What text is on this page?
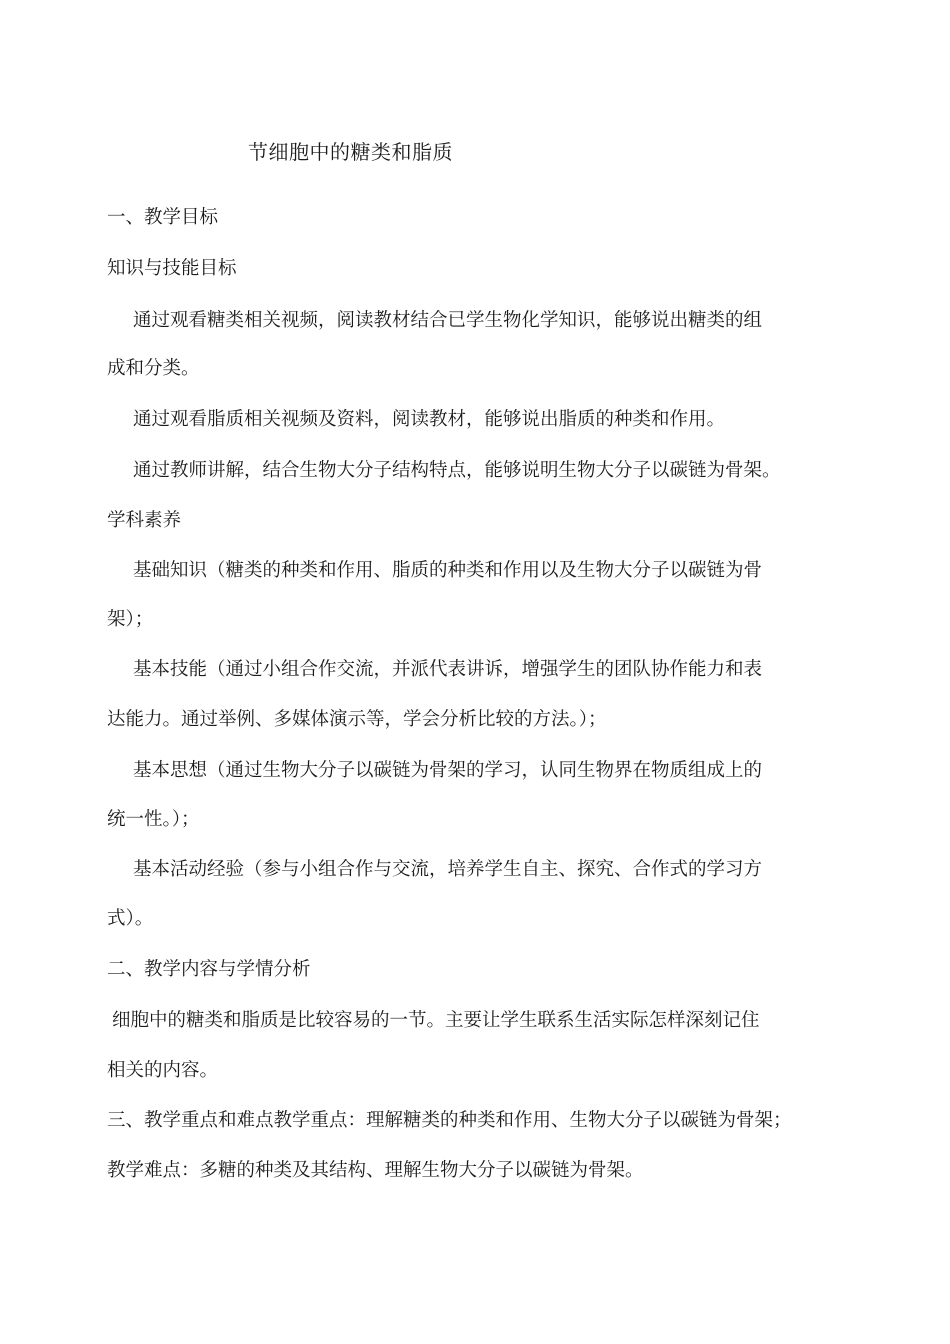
节细胞中的糖类和脂质
一、教学目标
知识与技能目标
通过观看糖类相关视频，阅读教材结合已学生物化学知识，能够说出糖类的组
成和分类。
通过观看脂质相关视频及资料，阅读教材，能够说出脂质的种类和作用。
通过教师讲解，结合生物大分子结构特点，能够说明生物大分子以碳链为骨架。
学科素养
基础知识（糖类的种类和作用、脂质的种类和作用以及生物大分子以碳链为骨
架）；
基本技能（通过小组合作交流，并派代表讲诉，增强学生的团队协作能力和表
达能力。通过举例、多媒体演示等，学会分析比较的方法。）；
基本思想（通过生物大分子以碳链为骨架的学习，认同生物界在物质组成上的
统一性。）；
基本活动经验（参与小组合作与交流，培养学生自主、探究、合作式的学习方
式）。
二、教学内容与学情分析
细胞中的糖类和脂质是比较容易的一节。主要让学生联系生活实际怎样深刻记住
相关的内容。
三、教学重点和难点教学重点：理解糖类的种类和作用、生物大分子以碳链为骨架；
教学难点：多糖的种类及其结构、理解生物大分子以碳链为骨架。
